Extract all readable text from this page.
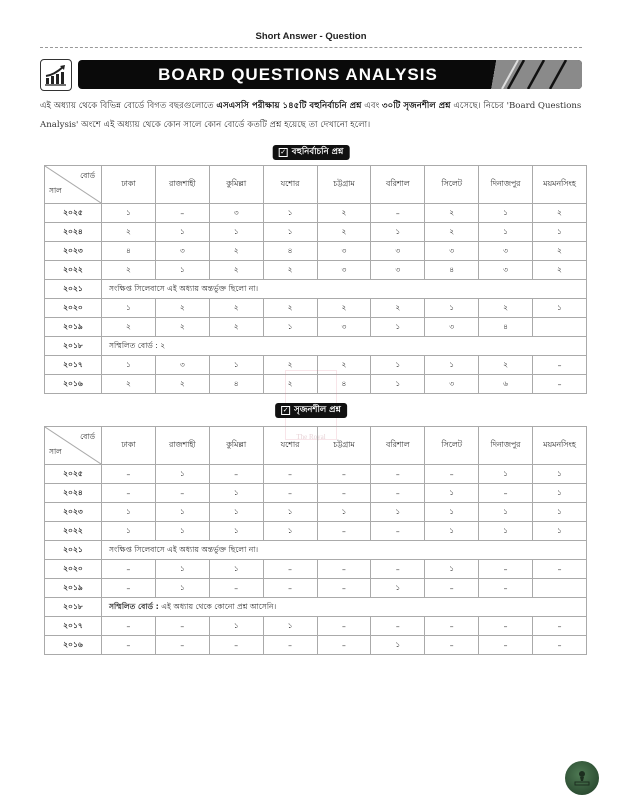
Short Answer - Question
BOARD QUESTIONS ANALYSIS
এই অধ্যায় থেকে বিভিন্ন বোর্ডে বিগত বছরগুলোতে এসএসসি পরীক্ষায় ১৪৫টি বহুনির্বাচনি প্রশ্ন এবং ৩০টি সৃজনশীল প্রশ্ন এসেছে। নিচের 'Board Questions Analysis' অংশে এই অধ্যায় থেকে কোন সালে কোন বোর্ডে কতটি প্রশ্ন হয়েছে তা দেখানো হলো।
✓ বহুনির্বাচনি প্রশ্ন
বোর্ড
সাল	ঢাকা	রাজশাহী	কুমিল্লা	যশোর	চট্টগ্রাম	বরিশাল	সিলেট	দিনাজপুর	ময়মনসিংহ
২০২৫	১	–	৩	১	২	–	২	১	২
২০২৪	২	১	১	১	২	১	২	১	১
২০২৩	৪	৩	২	৪	৩	৩	৩	৩	২
২০২২	২	১	২	২	৩	৩	৪	৩	২
২০২১	সংক্ষিপ্ত সিলেবাসে এই অধ্যায় অন্তর্ভুক্ত ছিলো না।								
২০২০	১	২	২	২	২	২	১	২	১
২০১৯	২	২	২	১	৩	১	৩	৪	
২০১৮	সম্মিলিত বোর্ড : ২								
২০১৭	১	৩	১	২	২	১	১	২	–
২০১৬	২	২	৪	২	৪	১	৩	৬	–
The Royal
✓ সৃজনশীল প্রশ্ন
বোর্ড
সাল	ঢাকা	রাজশাহী	কুমিল্লা	যশোর	চট্টগ্রাম	বরিশাল	সিলেট	দিনাজপুর	ময়মনসিংহ
২০২৫	–	১	–	–	–	–	–	১	১
২০২৪	–	–	১	–	–	–	১	–	১
২০২৩	১	১	১	১	১	১	১	১	১
২০২২	১	১	১	১	–	–	১	১	১
২০২১	সংক্ষিপ্ত সিলেবাসে এই অধ্যায় অন্তর্ভুক্ত ছিলো না।								
২০২০	–	১	১	–	–	–	১	–	–
২০১৯	–	১	–	–	–	১	–	–	
২০১৮	সম্মিলিত বোর্ড : এই অধ্যায় থেকে কোনো প্রশ্ন আসেনি।								
২০১৭	–	–	১	১	–	–	–	–	–
২০১৬	–	–	–	–	–	১	–	–	–
